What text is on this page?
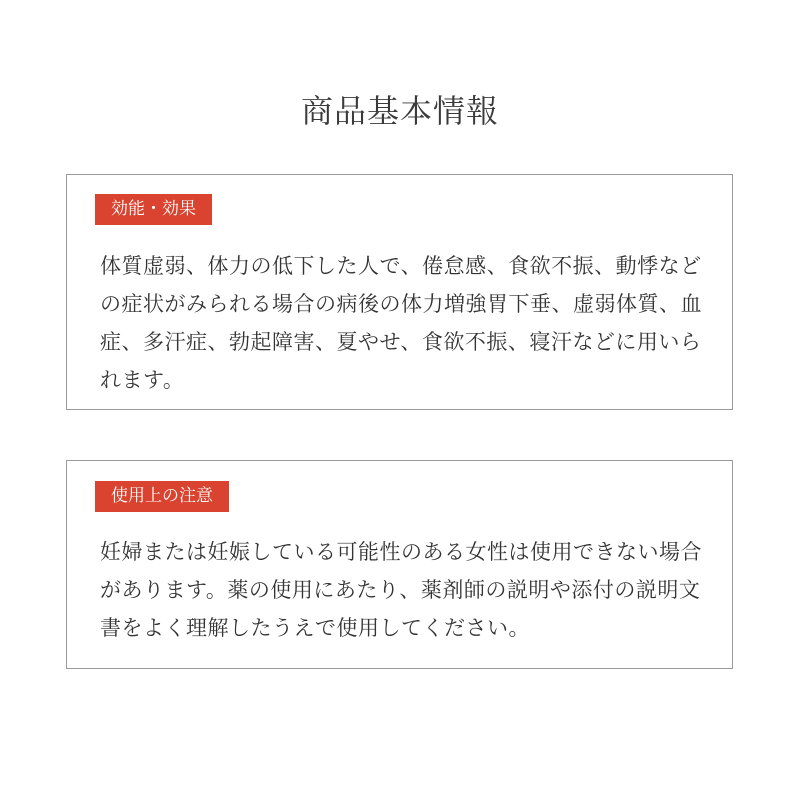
商品基本情報
効能・効果

体質虚弱、体力の低下した人で、倦怠感、食欲不振、動悸などの症状がみられる場合の病後の体力増強胃下垂、虚弱体質、血症、多汗症、勃起障害、夏やせ、食欲不振、寝汗などに用いられます。

使用上の注意

妊婦または妊娠している可能性のある女性は使用できない場合があります。薬の使用にあたり、薬剤師の説明や添付の説明文書をよく理解したうえで使用してください。
